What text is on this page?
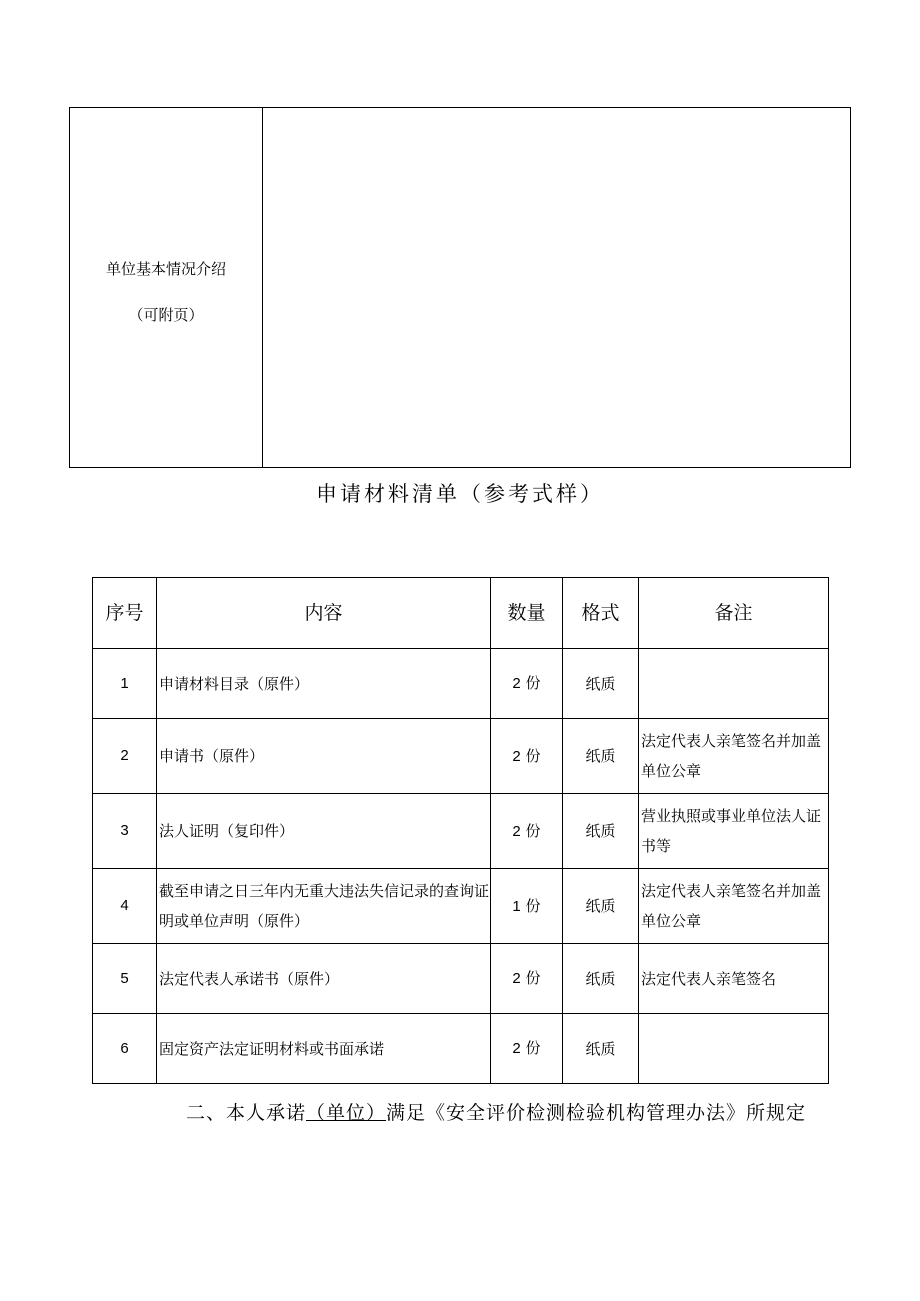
单位基本情况介绍
（可附页）
申请材料清单（参考式样）
序号	内容	数量	格式	备注
1	申请材料目录（原件）	2 份	纸质	
2	申请书（原件）	2 份	纸质	法定代表人亲笔签名并加盖单位公章
3	法人证明（复印件）	2 份	纸质	营业执照或事业单位法人证书等
4	截至申请之日三年内无重大违法失信记录的查询证明或单位声明（原件）	1 份	纸质	法定代表人亲笔签名并加盖单位公章
5	法定代表人承诺书（原件）	2 份	纸质	法定代表人亲笔签名
6	固定资产法定证明材料或书面承诺	2 份	纸质	
二、本人承诺（单位）满足《安全评价检测检验机构管理办法》所规定
